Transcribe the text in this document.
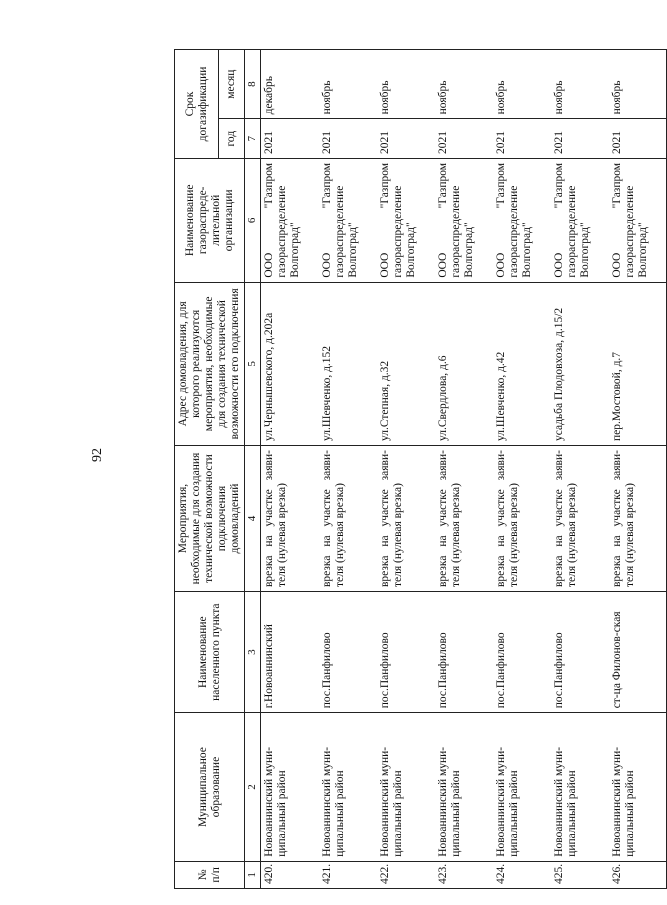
92
№ п/п	Муниципальное образование	Наименование населенного пункта	Мероприятия, необходимые для создания технической возможности подключения домовладений	Адрес домовладения, для которого реализуются мероприятия, необходимые для создания технической возможности его подключения	Наименование газораспреде-лительной организации	Срок догазификации	
						год	месяц
1	2	3	4	5	6	7	8
420.	Новоаннинский муни-ципальный район	г.Новоаннинский	врезка на участке заяви-теля (нулевая врезка)	ул.Чернышевского, д.202а	ООО "Газпром газораспределение Волгоград"	2021	декабрь
421.	Новоаннинский муни-ципальный район	пос.Панфилово	врезка на участке заяви-теля (нулевая врезка)	ул.Шевченко, д.152	ООО "Газпром газораспределение Волгоград"	2021	ноябрь
422.	Новоаннинский муни-ципальный район	пос.Панфилово	врезка на участке заяви-теля (нулевая врезка)	ул.Степная, д.32	ООО "Газпром газораспределение Волгоград"	2021	ноябрь
423.	Новоаннинский муни-ципальный район	пос.Панфилово	врезка на участке заяви-теля (нулевая врезка)	ул.Свердлова, д.6	ООО "Газпром газораспределение Волгоград"	2021	ноябрь
424.	Новоаннинский муни-ципальный район	пос.Панфилово	врезка на участке заяви-теля (нулевая врезка)	ул.Шевченко, д.42	ООО "Газпром газораспределение Волгоград"	2021	ноябрь
425.	Новоаннинский муни-ципальный район	пос.Панфилово	врезка на участке заяви-теля (нулевая врезка)	усадьба Плодовхоза, д.15/2	ООО "Газпром газораспределение Волгоград"	2021	ноябрь
426.	Новоаннинский муни-ципальный район	ст-ца Филонов-ская	врезка на участке заяви-теля (нулевая врезка)	пер.Мостовой, д.7	ООО "Газпром газораспределение Волгоград"	2021	ноябрь
